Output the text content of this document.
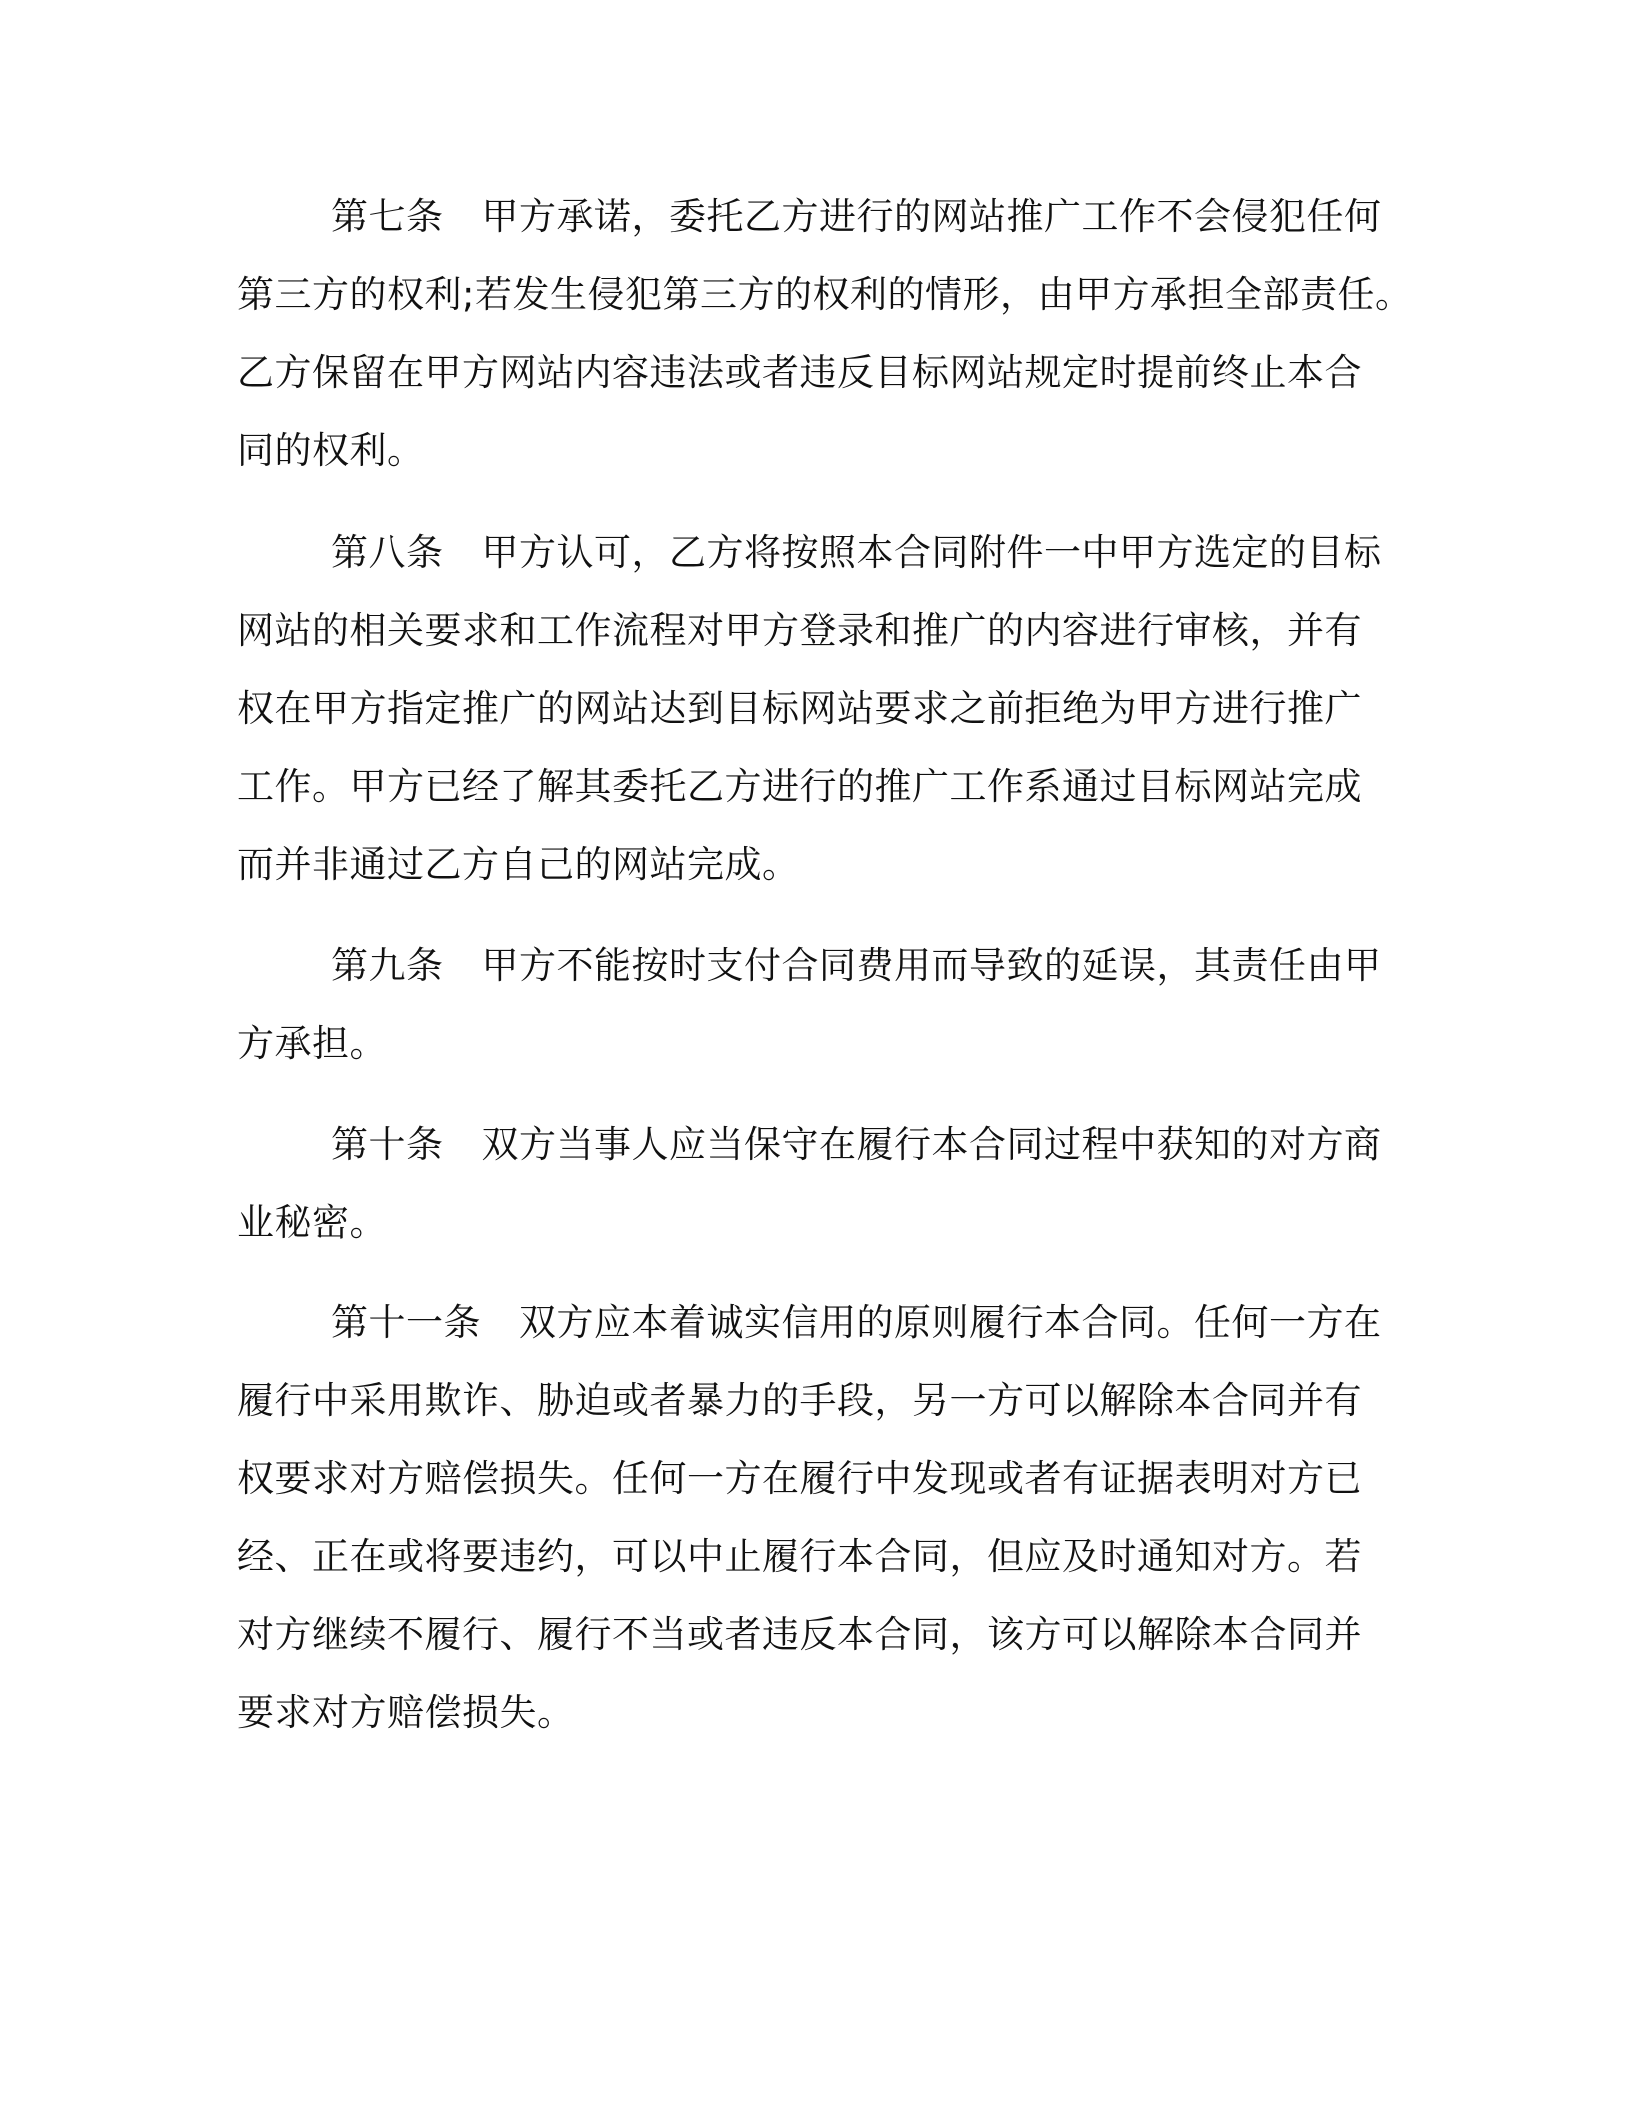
第七条 甲方承诺，委托乙方进行的网站推广工作不会侵犯任何
第三方的权利;若发生侵犯第三方的权利的情形，由甲方承担全部责任。
乙方保留在甲方网站内容违法或者违反目标网站规定时提前终止本合
同的权利。
第八条 甲方认可，乙方将按照本合同附件一中甲方选定的目标
网站的相关要求和工作流程对甲方登录和推广的内容进行审核，并有
权在甲方指定推广的网站达到目标网站要求之前拒绝为甲方进行推广
工作。甲方已经了解其委托乙方进行的推广工作系通过目标网站完成
而并非通过乙方自己的网站完成。
第九条 甲方不能按时支付合同费用而导致的延误，其责任由甲
方承担。
第十条 双方当事人应当保守在履行本合同过程中获知的对方商
业秘密。
第十一条 双方应本着诚实信用的原则履行本合同。任何一方在
履行中采用欺诈、胁迫或者暴力的手段，另一方可以解除本合同并有
权要求对方赔偿损失。任何一方在履行中发现或者有证据表明对方已
经、正在或将要违约，可以中止履行本合同，但应及时通知对方。若
对方继续不履行、履行不当或者违反本合同，该方可以解除本合同并
要求对方赔偿损失。
